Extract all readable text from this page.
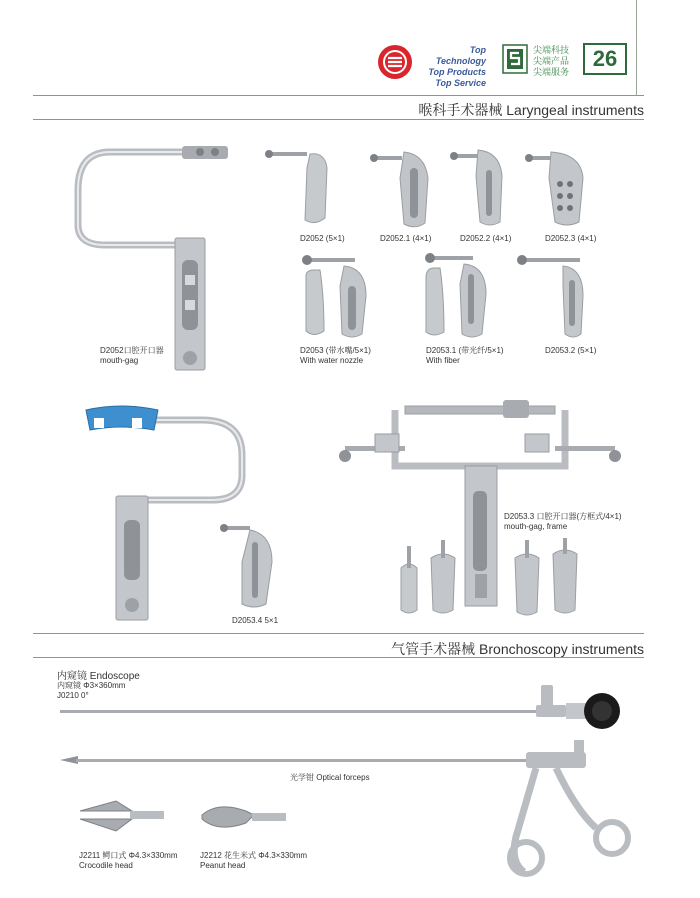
Top Technology
Top Products
Top Service
尖端科技
尖端产品
尖端服务
26
喉科手术器械 Laryngeal instruments
D2052口腔开口器
mouth-gag
D2052 (5×1)	D2052.1 (4×1)	D2052.2 (4×1)	D2052.3 (4×1)
D2053 (带水嘴/5×1)
With water nozzle
D2053.1 (带光纤/5×1)
With fiber
D2053.2 (5×1)
D2053.4 5×1
D2053.3 口腔开口器(方框式/4×1)
mouth-gag, frame
气管手术器械 Bronchoscopy instruments
内窥镜 Endoscope
内窥镜 Φ3×360mm
J0210 0°
光学钳 Optical forceps
J2211 鳄口式 Φ4.3×330mm
Crocodile head
J2212 花生米式 Φ4.3×330mm
Peanut head
